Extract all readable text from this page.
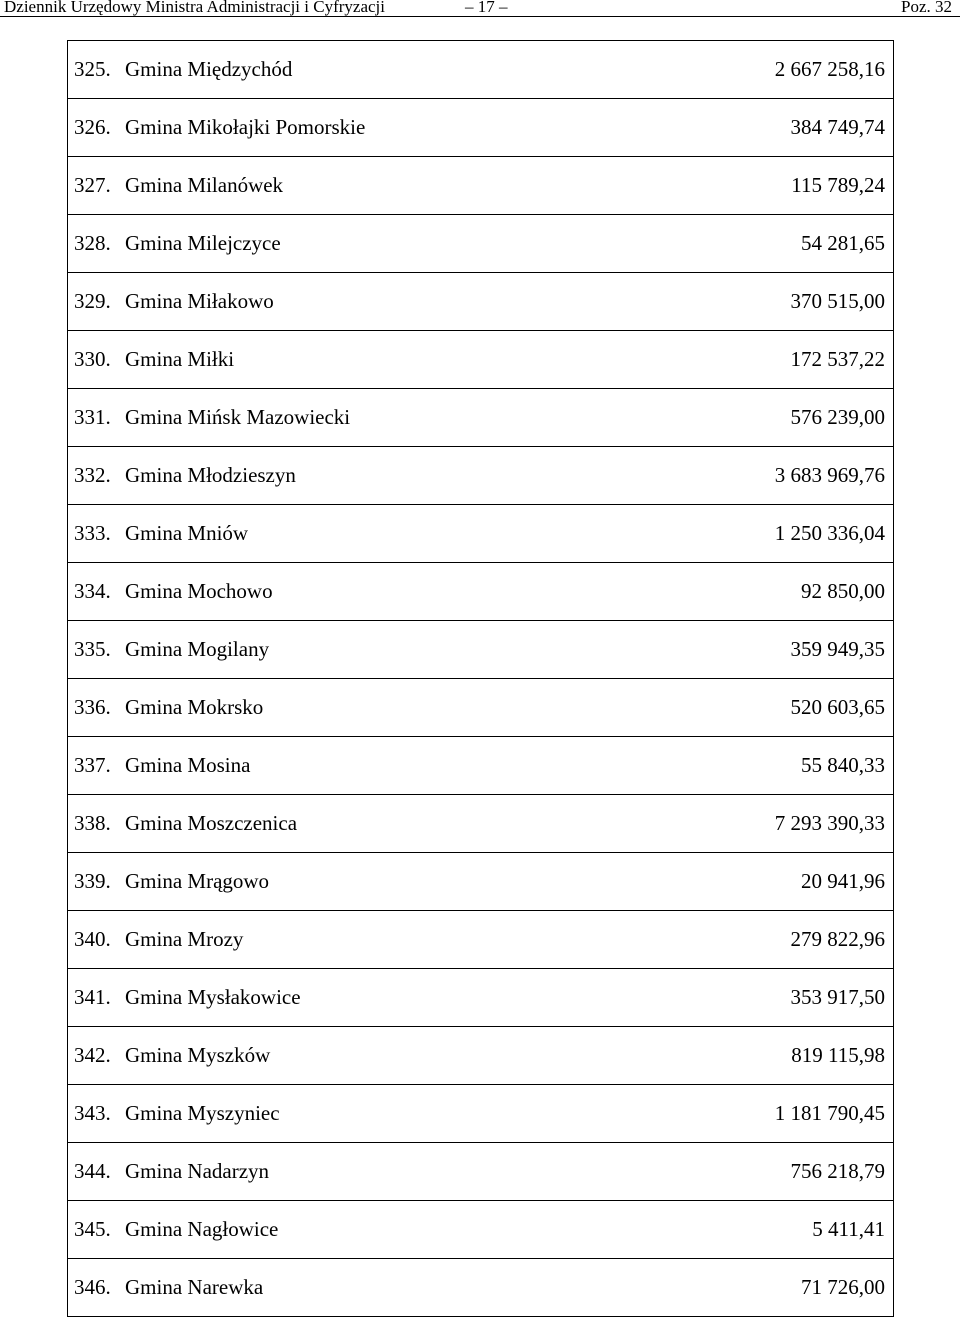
Dziennik Urzędowy Ministra Administracji i Cyfryzacji	– 17 –	Poz. 32
325. Gmina Międzychód	2 667 258,16
326. Gmina Mikołajki Pomorskie	384 749,74
327. Gmina Milanówek	115 789,24
328. Gmina Milejczyce	54 281,65
329. Gmina Miłakowo	370 515,00
330. Gmina Miłki	172 537,22
331. Gmina Mińsk Mazowiecki	576 239,00
332. Gmina Młodzieszyn	3 683 969,76
333. Gmina Mniów	1 250 336,04
334. Gmina Mochowo	92 850,00
335. Gmina Mogilany	359 949,35
336. Gmina Mokrsko	520 603,65
337. Gmina Mosina	55 840,33
338. Gmina Moszczenica	7 293 390,33
339. Gmina Mrągowo	20 941,96
340. Gmina Mrozy	279 822,96
341. Gmina Mysłakowice	353 917,50
342. Gmina Myszków	819 115,98
343. Gmina Myszyniec	1 181 790,45
344. Gmina Nadarzyn	756 218,79
345. Gmina Nagłowice	5 411,41
346. Gmina Narewka	71 726,00
